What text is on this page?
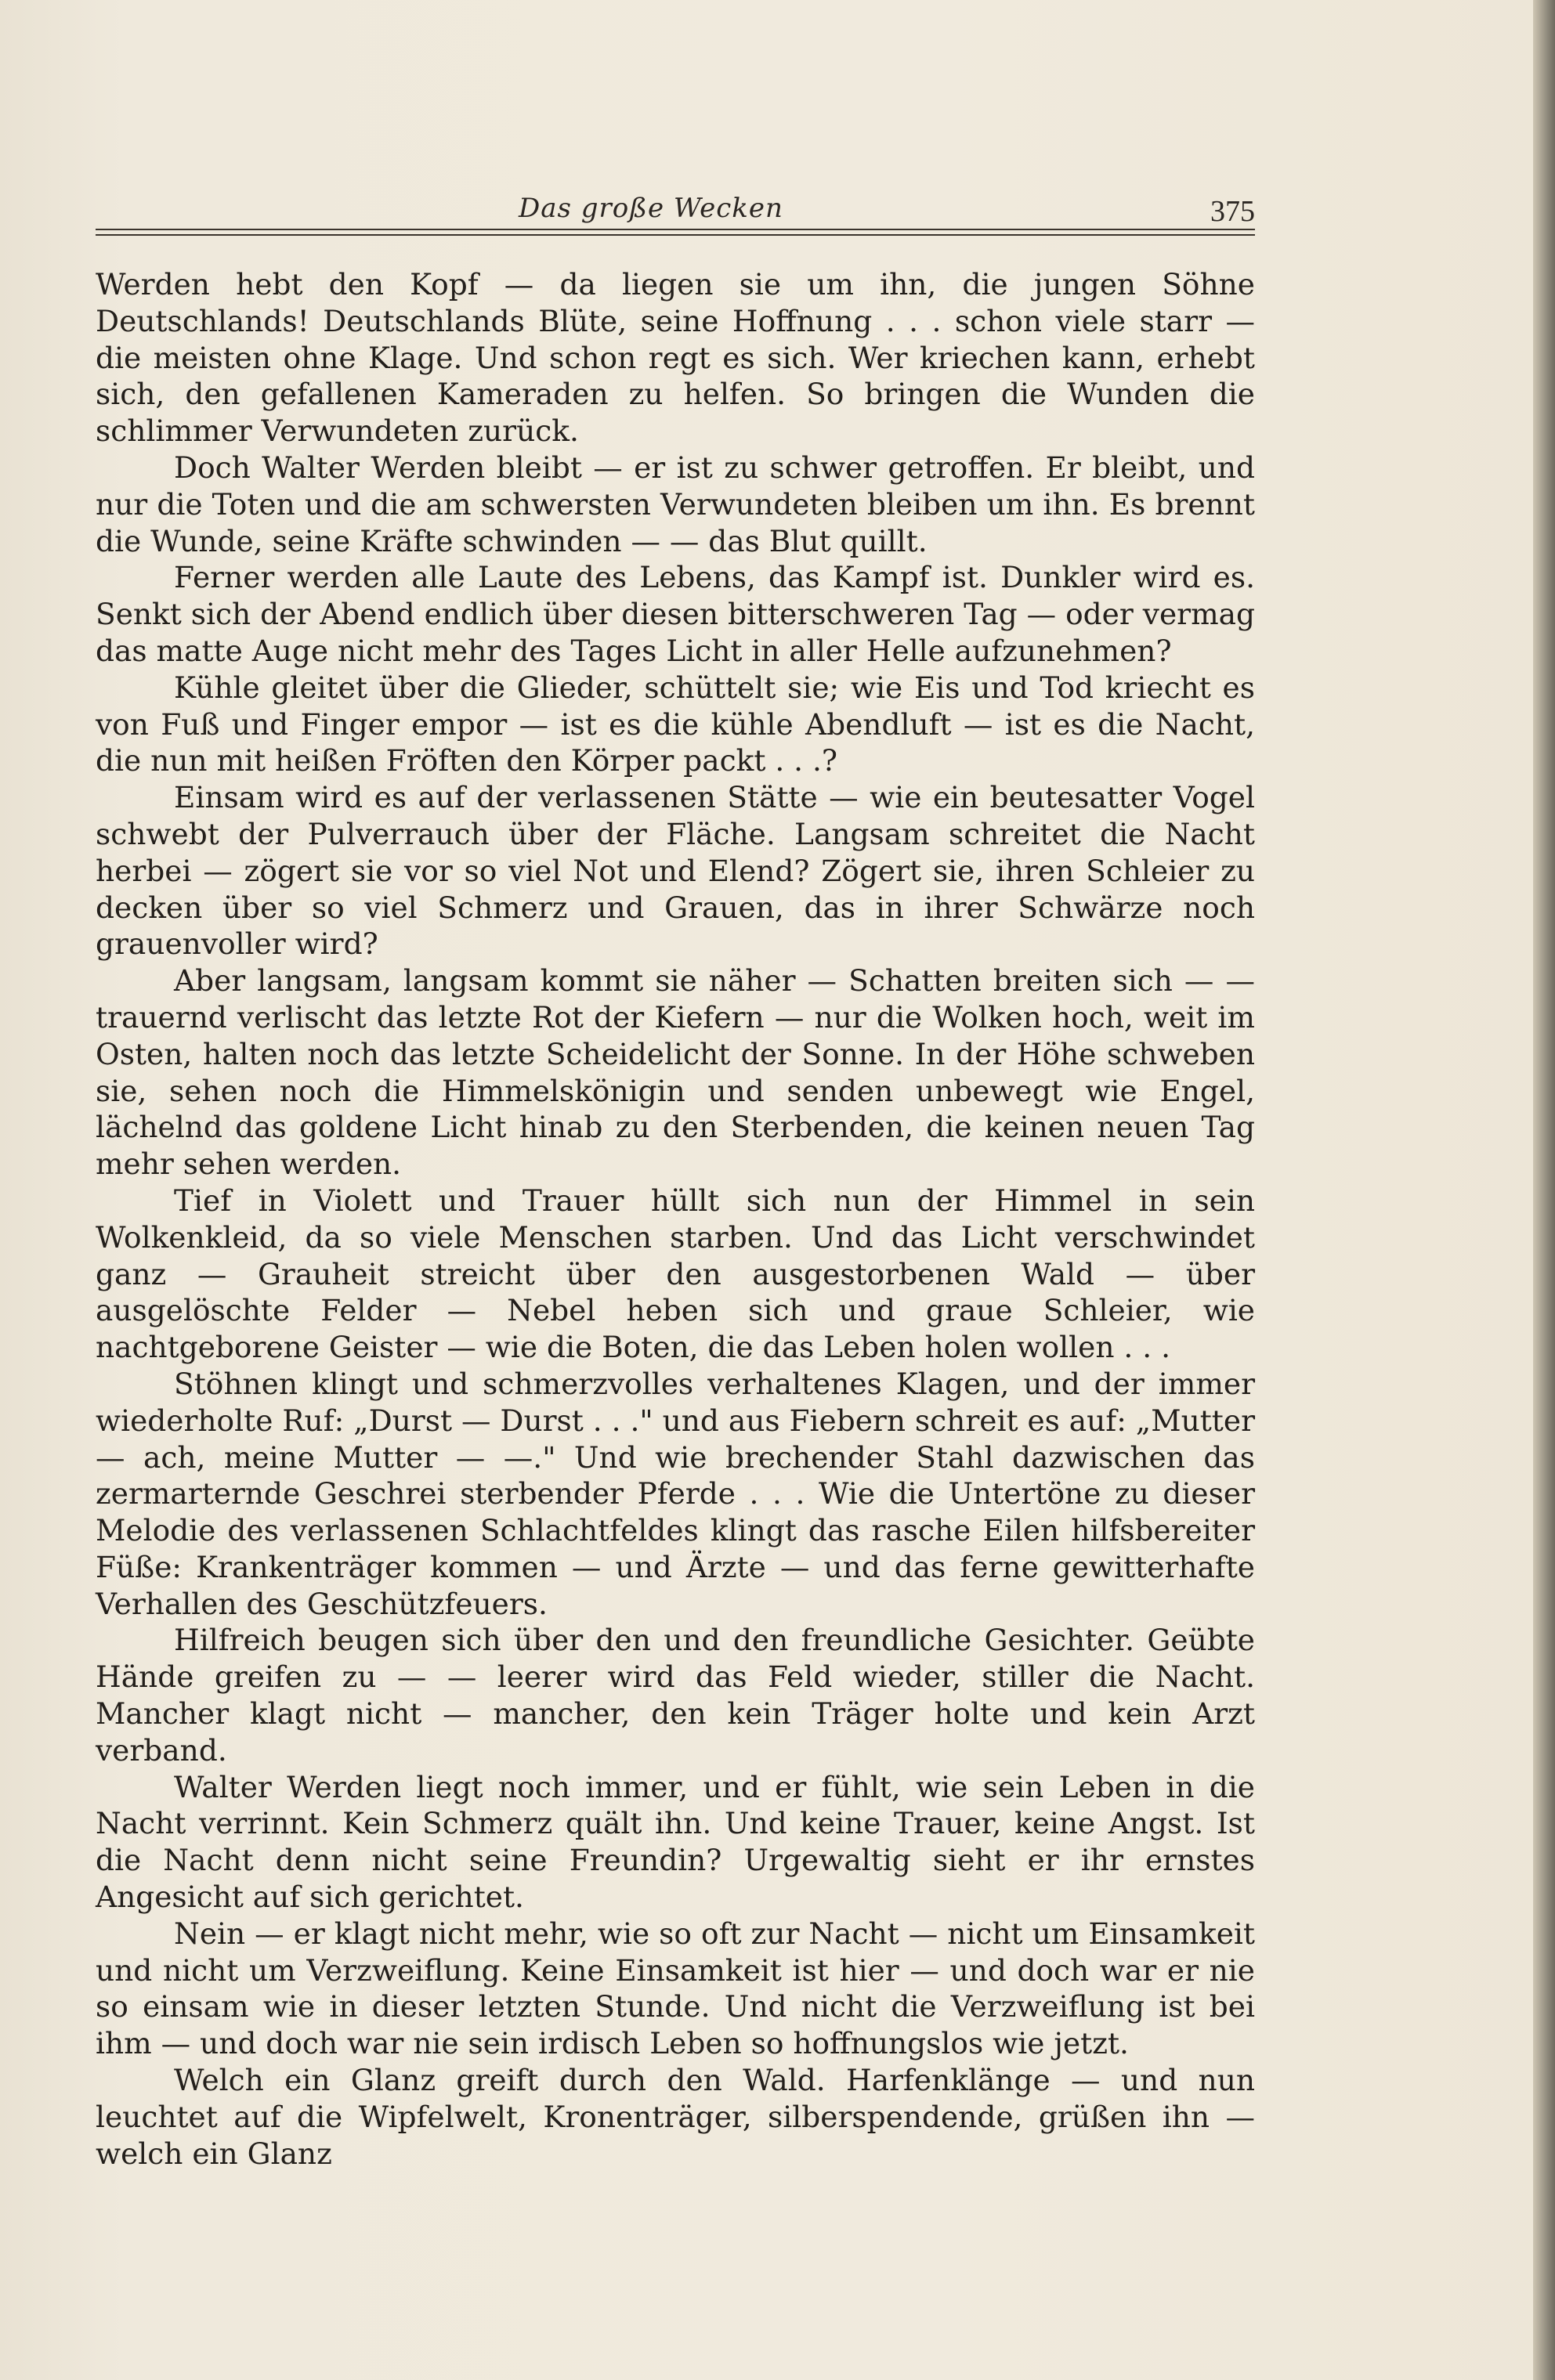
Das große Wecken	375

Werden hebt den Kopf — da liegen sie um ihn, die jungen Söhne Deutschlands! Deutschlands Blüte, seine Hoffnung . . . schon viele starr — die meisten ohne Klage. Und schon regt es sich. Wer kriechen kann, erhebt sich, den gefallenen Kameraden zu helfen. So bringen die Wunden die schlimmer Verwundeten zurück.

Doch Walter Werden bleibt — er ist zu schwer getroffen. Er bleibt, und nur die Toten und die am schwersten Verwundeten bleiben um ihn. Es brennt die Wunde, seine Kräfte schwinden — — das Blut quillt.

Ferner werden alle Laute des Lebens, das Kampf ist. Dunkler wird es. Senkt sich der Abend endlich über diesen bitterschweren Tag — oder vermag das matte Auge nicht mehr des Tages Licht in aller Helle aufzunehmen?

Kühle gleitet über die Glieder, schüttelt sie; wie Eis und Tod kriecht es von Fuß und Finger empor — ist es die kühle Abendluft — ist es die Nacht, die nun mit heißen Fröften den Körper packt . . .?

Einsam wird es auf der verlassenen Stätte — wie ein beutesatter Vogel schwebt der Pulverrauch über der Fläche. Langsam schreitet die Nacht herbei — zögert sie vor so viel Not und Elend? Zögert sie, ihren Schleier zu decken über so viel Schmerz und Grauen, das in ihrer Schwärze noch grauenvoller wird?

Aber langsam, langsam kommt sie näher — Schatten breiten sich — — trauernd verlischt das letzte Rot der Kiefern — nur die Wolken hoch, weit im Osten, halten noch das letzte Scheidelicht der Sonne. In der Höhe schweben sie, sehen noch die Himmelskönigin und senden unbewegt wie Engel, lächelnd das goldene Licht hinab zu den Sterbenden, die keinen neuen Tag mehr sehen werden.

Tief in Violett und Trauer hüllt sich nun der Himmel in sein Wolkenkleid, da so viele Menschen starben. Und das Licht verschwindet ganz — Grauheit streicht über den ausgestorbenen Wald — über ausgelöschte Felder — Nebel heben sich und graue Schleier, wie nachtgeborene Geister — wie die Boten, die das Leben holen wollen . . .

Stöhnen klingt und schmerzvolles verhaltenes Klagen, und der immer wiederholte Ruf: „Durst — Durst . . ." und aus Fiebern schreit es auf: „Mutter — ach, meine Mutter — —." Und wie brechender Stahl dazwischen das zermarternde Geschrei sterbender Pferde . . . Wie die Untertöne zu dieser Melodie des verlassenen Schlachtfeldes klingt das rasche Eilen hilfsbereiter Füße: Krankenträger kommen — und Ärzte — und das ferne gewitterhafte Verhallen des Geschützfeuers.

Hilfreich beugen sich über den und den freundliche Gesichter. Geübte Hände greifen zu — — leerer wird das Feld wieder, stiller die Nacht. Mancher klagt nicht — mancher, den kein Träger holte und kein Arzt verband.

Walter Werden liegt noch immer, und er fühlt, wie sein Leben in die Nacht verrinnt. Kein Schmerz quält ihn. Und keine Trauer, keine Angst. Ist die Nacht denn nicht seine Freundin? Urgewaltig sieht er ihr ernstes Angesicht auf sich gerichtet.

Nein — er klagt nicht mehr, wie so oft zur Nacht — nicht um Einsamkeit und nicht um Verzweiflung. Keine Einsamkeit ist hier — und doch war er nie so einsam wie in dieser letzten Stunde. Und nicht die Verzweiflung ist bei ihm — und doch war nie sein irdisch Leben so hoffnungslos wie jetzt.

Welch ein Glanz greift durch den Wald. Harfenklänge — und nun leuchtet auf die Wipfelwelt, Kronenträger, silberspendende, grüßen ihn — welch ein Glanz
